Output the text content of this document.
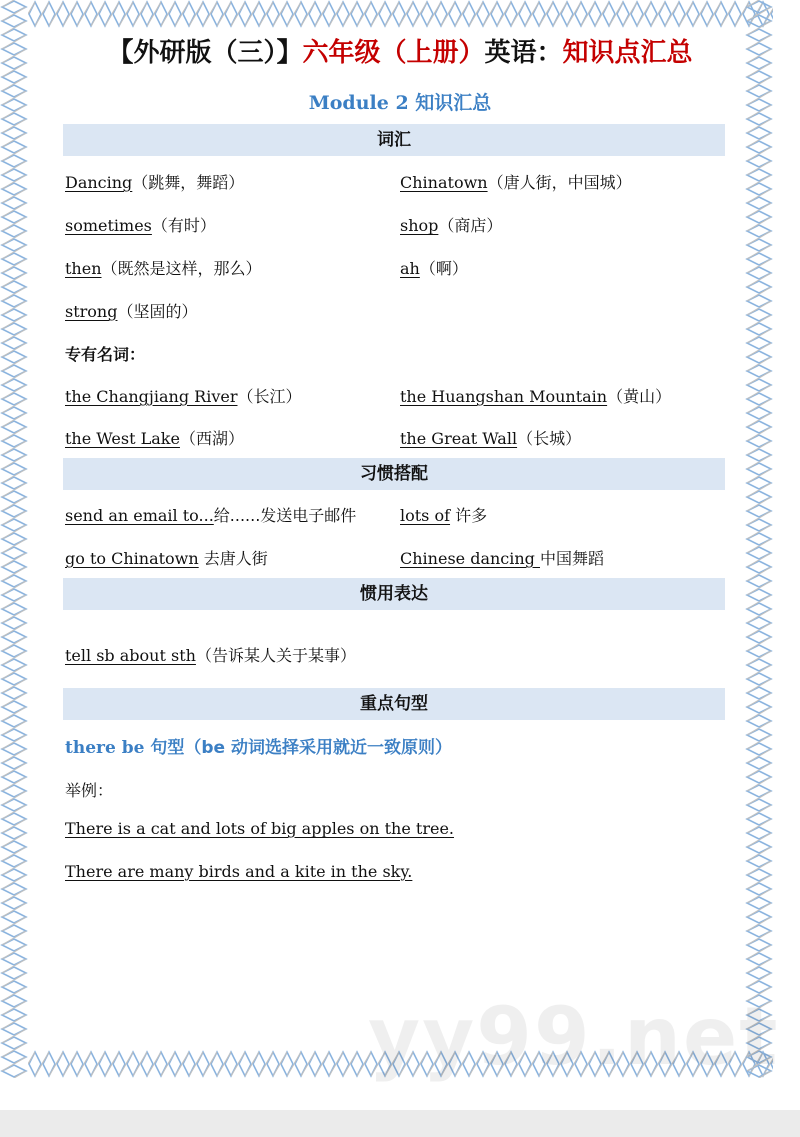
【外研版（三）】六年级（上册）英语：知识点汇总
Module 2 知识汇总
词汇
Dancing（跳舞，舞蹈）	Chinatown（唐人街，中国城）
sometimes（有时）	shop（商店）
then（既然是这样，那么）	ah（啊）
strong（坚固的）
专有名词：
the Changjiang River（长江）	the Huangshan Mountain（黄山）
the West Lake（西湖）	the Great Wall（长城）
习惯搭配
send an email to...给......发送电子邮件	lots of 许多
go to Chinatown 去唐人街	Chinese dancing 中国舞蹈
惯用表达
tell sb about sth（告诉某人关于某事）
重点句型
there be 句型（be 动词选择采用就近一致原则）
举例：
There is a cat and lots of big apples on the tree.
There are many birds and a kite in the sky.
yy99.net
